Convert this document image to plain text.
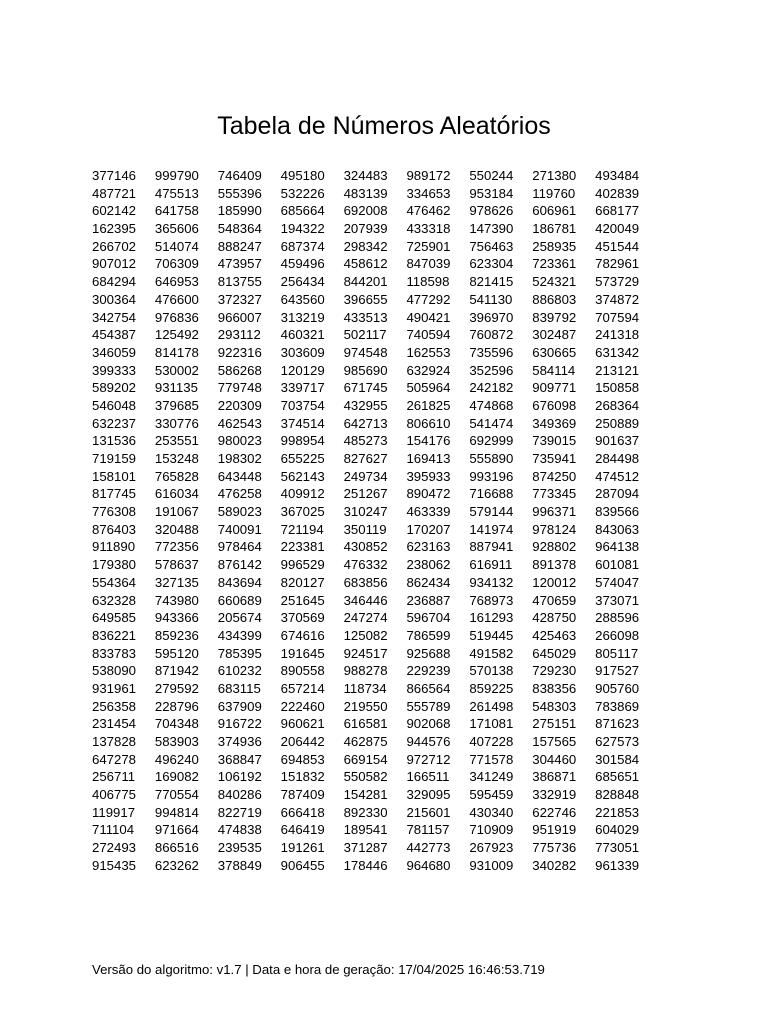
Tabela de Números Aleatórios
377146 999790 746409 495180 324483 989172 550244 271380 493484
487721 475513 555396 532226 483139 334653 953184 119760 402839
602142 641758 185990 685664 692008 476462 978626 606961 668177
162395 365606 548364 194322 207939 433318 147390 186781 420049
266702 514074 888247 687374 298342 725901 756463 258935 451544
907012 706309 473957 459496 458612 847039 623304 723361 782961
684294 646953 813755 256434 844201 118598 821415 524321 573729
300364 476600 372327 643560 396655 477292 541130 886803 374872
342754 976836 966007 313219 433513 490421 396970 839792 707594
454387 125492 293112 460321 502117 740594 760872 302487 241318
346059 814178 922316 303609 974548 162553 735596 630665 631342
399333 530002 586268 120129 985690 632924 352596 584114 213121
589202 931135 779748 339717 671745 505964 242182 909771 150858
546048 379685 220309 703754 432955 261825 474868 676098 268364
632237 330776 462543 374514 642713 806610 541474 349369 250889
131536 253551 980023 998954 485273 154176 692999 739015 901637
719159 153248 198302 655225 827627 169413 555890 735941 284498
158101 765828 643448 562143 249734 395933 993196 874250 474512
817745 616034 476258 409912 251267 890472 716688 773345 287094
776308 191067 589023 367025 310247 463339 579144 996371 839566
876403 320488 740091 721194 350119 170207 141974 978124 843063
911890 772356 978464 223381 430852 623163 887941 928802 964138
179380 578637 876142 996529 476332 238062 616911 891378 601081
554364 327135 843694 820127 683856 862434 934132 120012 574047
632328 743980 660689 251645 346446 236887 768973 470659 373071
649585 943366 205674 370569 247274 596704 161293 428750 288596
836221 859236 434399 674616 125082 786599 519445 425463 266098
833783 595120 785395 191645 924517 925688 491582 645029 805117
538090 871942 610232 890558 988278 229239 570138 729230 917527
931961 279592 683115 657214 118734 866564 859225 838356 905760
256358 228796 637909 222460 219550 555789 261498 548303 783869
231454 704348 916722 960621 616581 902068 171081 275151 871623
137828 583903 374936 206442 462875 944576 407228 157565 627573
647278 496240 368847 694853 669154 972712 771578 304460 301584
256711 169082 106192 151832 550582 166511 341249 386871 685651
406775 770554 840286 787409 154281 329095 595459 332919 828848
119917 994814 822719 666418 892330 215601 430340 622746 221853
711104 971664 474838 646419 189541 781157 710909 951919 604029
272493 866516 239535 191261 371287 442773 267923 775736 773051
915435 623262 378849 906455 178446 964680 931009 340282 961339
Versão do algoritmo: v1.7 | Data e hora de geração: 17/04/2025 16:46:53.719
